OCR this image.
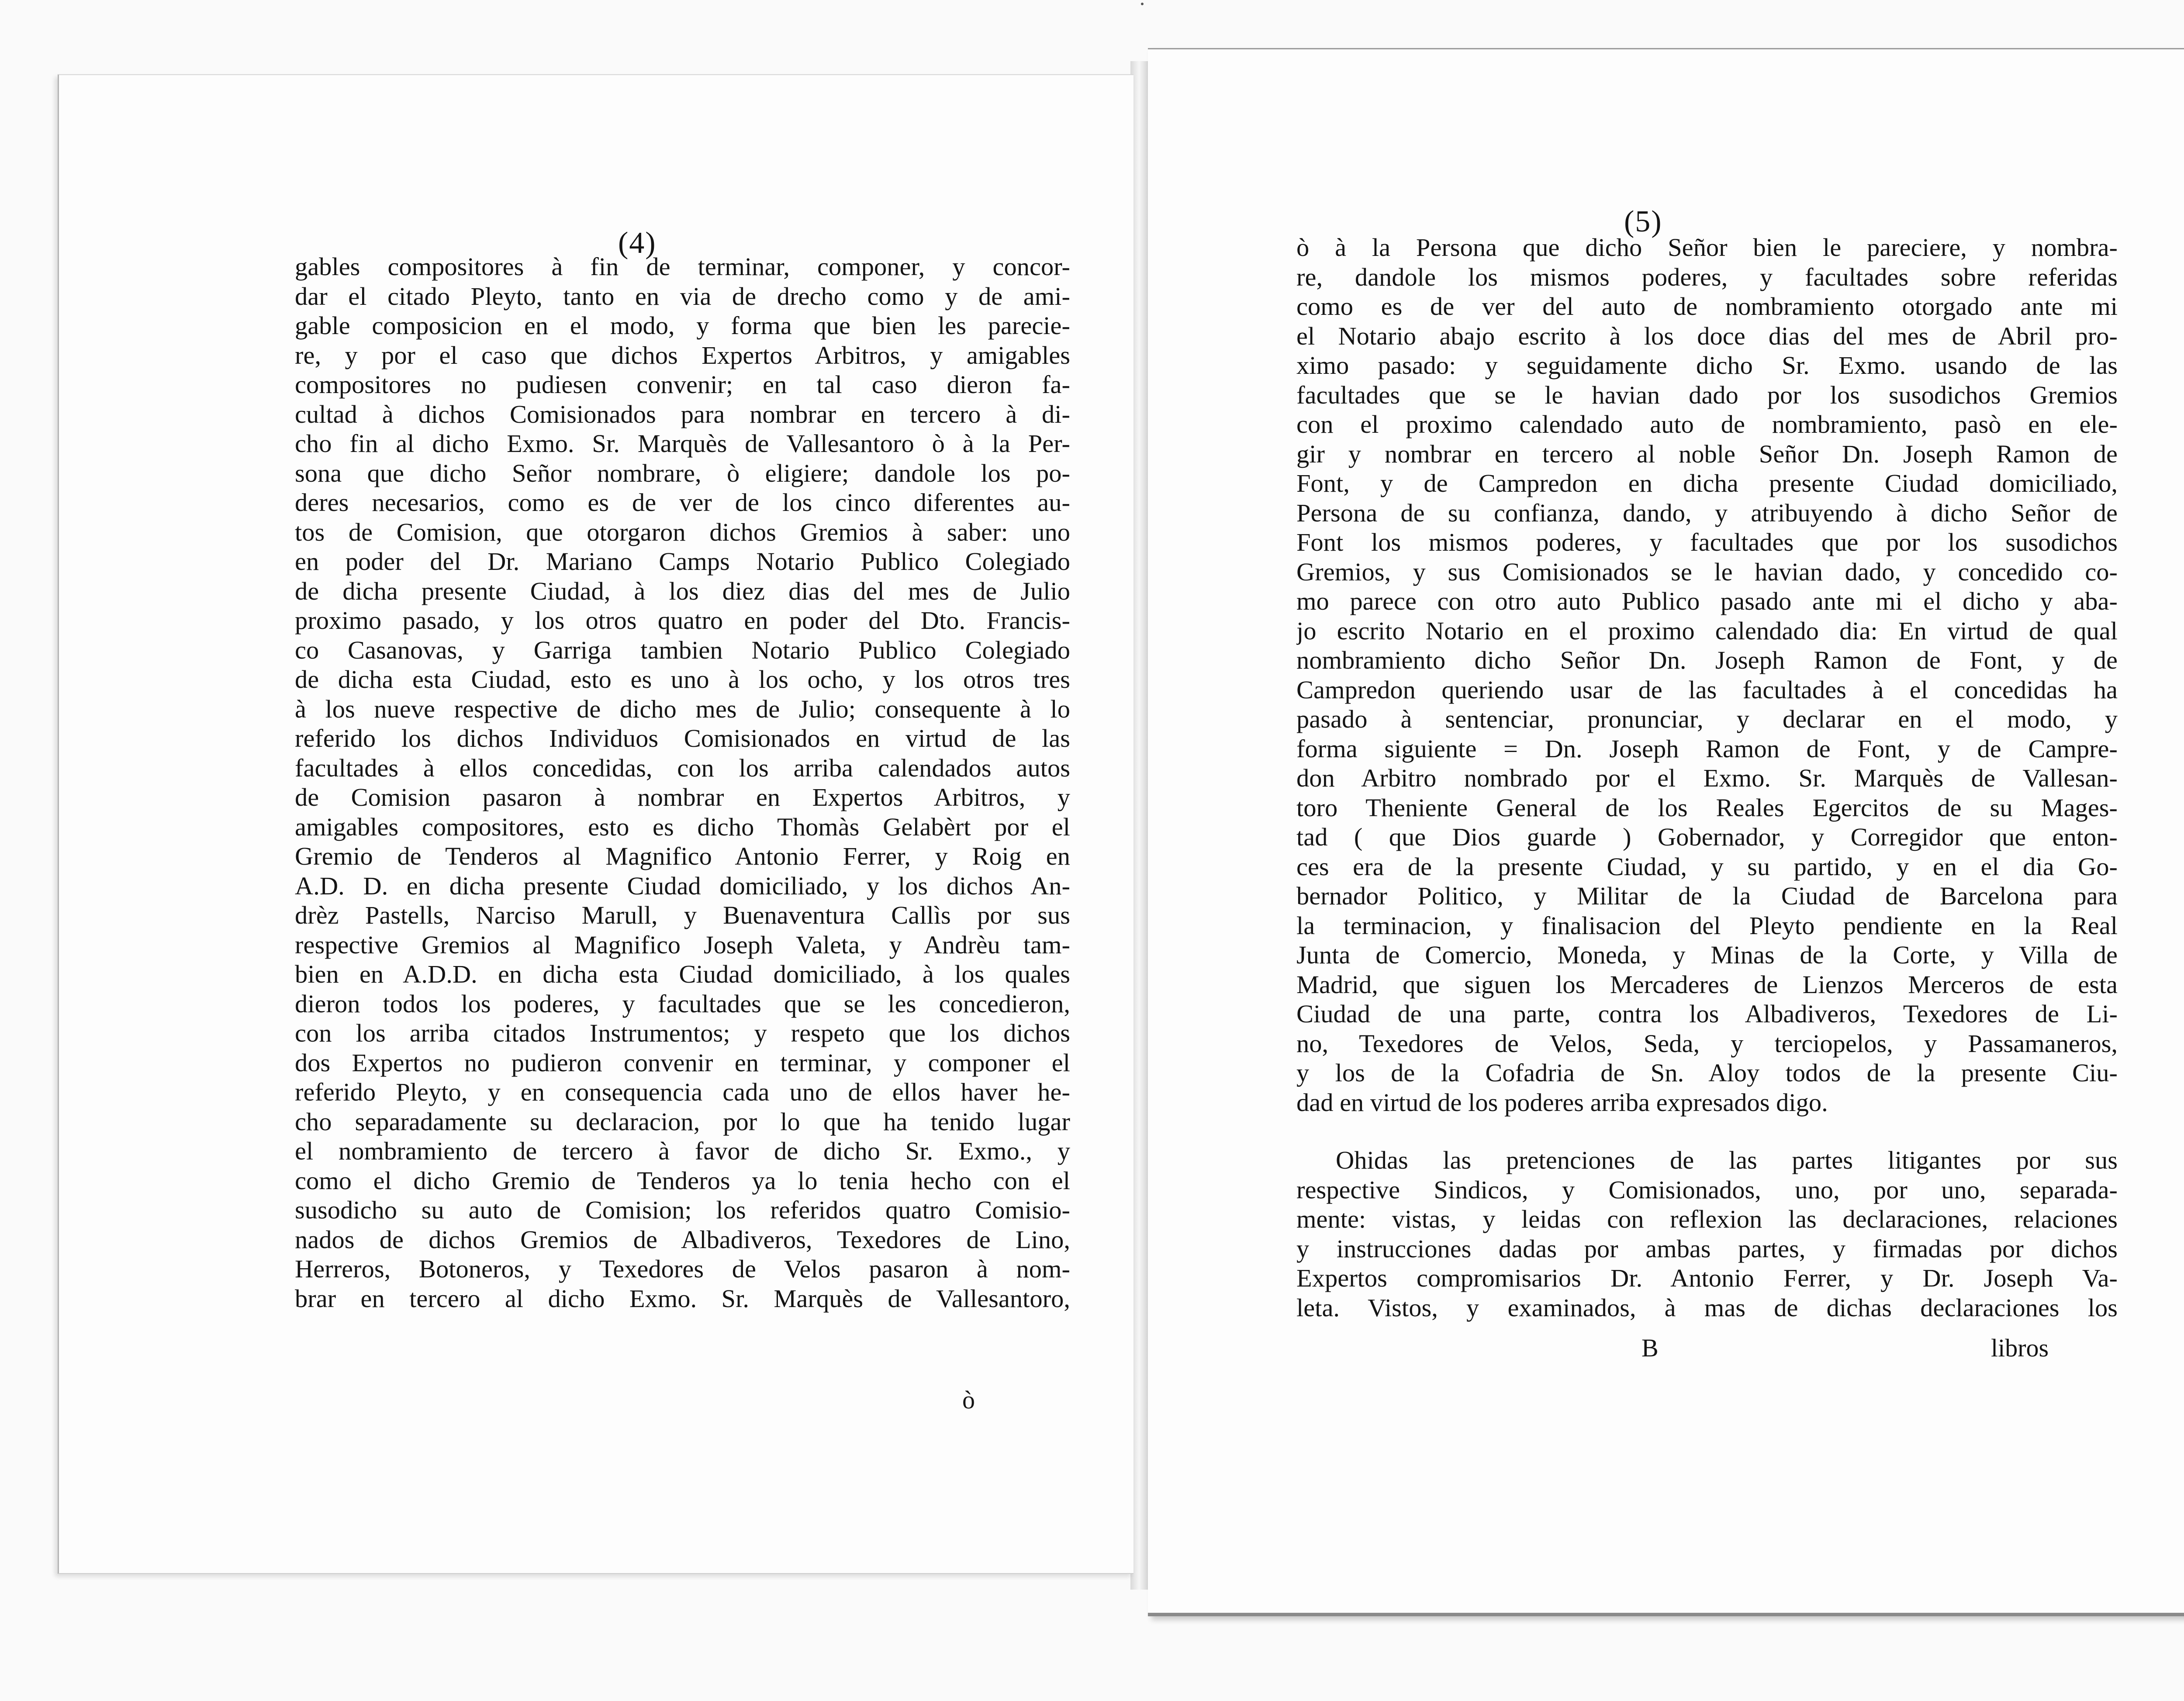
(4)
gables compositores à fin de terminar, componer, y concor-
dar el citado Pleyto, tanto en via de drecho como y de ami-
gable composicion en el modo, y forma que bien les parecie-
re, y por el caso que dichos Expertos Arbitros, y amigables
compositores no pudiesen convenir; en tal caso dieron fa-
cultad à dichos Comisionados para nombrar en tercero à di-
cho fin al dicho Exmo. Sr. Marquès de Vallesantoro ò à la Per-
sona que dicho Señor nombrare, ò eligiere; dandole los po-
deres necesarios, como es de ver de los cinco diferentes au-
tos de Comision, que otorgaron dichos Gremios à saber: uno
en poder del Dr. Mariano Camps Notario Publico Colegiado
de dicha presente Ciudad, à los diez dias del mes de Julio
proximo pasado, y los otros quatro en poder del Dto. Francis-
co Casanovas, y Garriga tambien Notario Publico Colegiado
de dicha esta Ciudad, esto es uno à los ocho, y los otros tres
à los nueve respective de dicho mes de Julio; consequente à lo
referido los dichos Individuos Comisionados en virtud de las
facultades à ellos concedidas, con los arriba calendados autos
de Comision pasaron à nombrar en Expertos Arbitros, y
amigables compositores, esto es dicho Thomàs Gelabèrt por el
Gremio de Tenderos al Magnifico Antonio Ferrer, y Roig en
A.D. D. en dicha presente Ciudad domiciliado, y los dichos An-
drèz Pastells, Narciso Marull, y Buenaventura Callìs por sus
respective Gremios al Magnifico Joseph Valeta, y Andrèu tam-
bien en A.D.D. en dicha esta Ciudad domiciliado, à los quales
dieron todos los poderes, y facultades que se les concedieron,
con los arriba citados Instrumentos; y respeto que los dichos
dos Expertos no pudieron convenir en terminar, y componer el
referido Pleyto, y en consequencia cada uno de ellos haver he-
cho separadamente su declaracion, por lo que ha tenido lugar
el nombramiento de tercero à favor de dicho Sr. Exmo., y
como el dicho Gremio de Tenderos ya lo tenia hecho con el
susodicho su auto de Comision; los referidos quatro Comisio-
nados de dichos Gremios de Albadiveros, Texedores de Lino,
Herreros, Botoneros, y Texedores de Velos pasaron à nom-
brar en tercero al dicho Exmo. Sr. Marquès de Vallesantoro,
ò

(5)
ò à la Persona que dicho Señor bien le pareciere, y nombra-
re, dandole los mismos poderes, y facultades sobre referidas
como es de ver del auto de nombramiento otorgado ante mi
el Notario abajo escrito à los doce dias del mes de Abril pro-
ximo pasado: y seguidamente dicho Sr. Exmo. usando de las
facultades que se le havian dado por los susodichos Gremios
con el proximo calendado auto de nombramiento, pasò en ele-
gir y nombrar en tercero al noble Señor Dn. Joseph Ramon de
Font, y de Campredon en dicha presente Ciudad domiciliado,
Persona de su confianza, dando, y atribuyendo à dicho Señor de
Font los mismos poderes, y facultades que por los susodichos
Gremios, y sus Comisionados se le havian dado, y concedido co-
mo parece con otro auto Publico pasado ante mi el dicho y aba-
jo escrito Notario en el proximo calendado dia: En virtud de qual
nombramiento dicho Señor Dn. Joseph Ramon de Font, y de
Campredon queriendo usar de las facultades à el concedidas ha
pasado à sentenciar, pronunciar, y declarar en el modo, y
forma siguiente = Dn. Joseph Ramon de Font, y de Campre-
don Arbitro nombrado por el Exmo. Sr. Marquès de Vallesan-
toro Theniente General de los Reales Egercitos de su Mages-
tad ( que Dios guarde ) Gobernador, y Corregidor que enton-
ces era de la presente Ciudad, y su partido, y en el dia Go-
bernador Politico, y Militar de la Ciudad de Barcelona para
la terminacion, y finalisacion del Pleyto pendiente en la Real
Junta de Comercio, Moneda, y Minas de la Corte, y Villa de
Madrid, que siguen los Mercaderes de Lienzos Merceros de esta
Ciudad de una parte, contra los Albadiveros, Texedores de Li-
no, Texedores de Velos, Seda, y terciopelos, y Passamaneros,
y los de la Cofadria de Sn. Aloy todos de la presente Ciu-
dad en virtud de los poderes arriba expresados digo.
Ohidas las pretenciones de las partes litigantes por sus
respective Sindicos, y Comisionados, uno, por uno, separada-
mente: vistas, y leidas con reflexion las declaraciones, relaciones
y instrucciones dadas por ambas partes, y firmadas por dichos
Expertos compromisarios Dr. Antonio Ferrer, y Dr. Joseph Va-
leta. Vistos, y examinados, à mas de dichas declaraciones los
B	libros
